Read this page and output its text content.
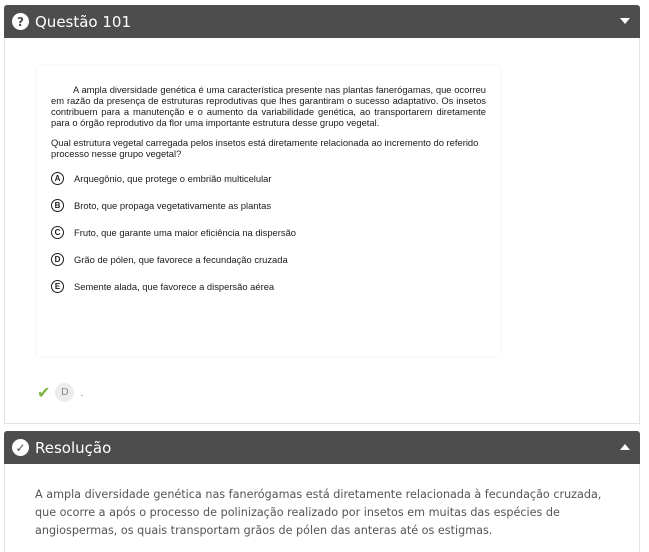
? Questão 101

A ampla diversidade genética é uma característica presente nas plantas fanerógamas, que ocorreu em razão da presença de estruturas reprodutivas que lhes garantiram o sucesso adaptativo. Os insetos contribuem para a manutenção e o aumento da variabilidade genética, ao transportarem diretamente para o órgão reprodutivo da flor uma importante estrutura desse grupo vegetal.

Qual estrutura vegetal carregada pelos insetos está diretamente relacionada ao incremento do referido processo nesse grupo vegetal?

A	Arquegônio, que protege o embrião multicelular
B	Broto, que propaga vegetativamente as plantas
C	Fruto, que garante uma maior eficiência na dispersão
D	Grão de pólen, que favorece a fecundação cruzada
E	Semente alada, que favorece a dispersão aérea
✔	D	.
✓ Resolução

A ampla diversidade genética nas fanerógamas está diretamente relacionada à fecundação cruzada, que ocorre a após o processo de polinização realizado por insetos em muitas das espécies de angiospermas, os quais transportam grãos de pólen das anteras até os estigmas.
